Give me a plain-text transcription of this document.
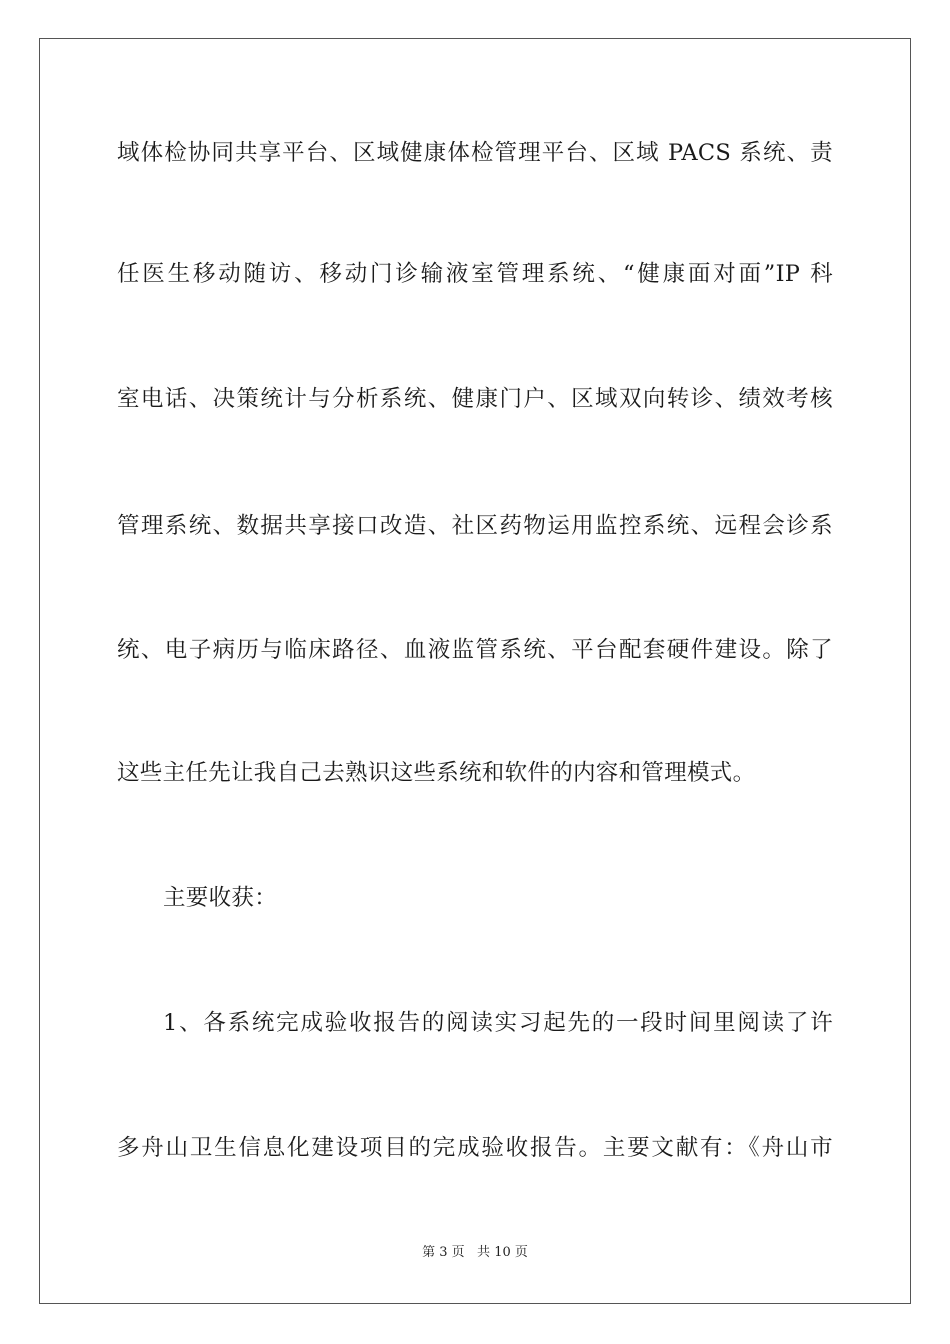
域体检协同共享平台、区域健康体检管理平台、区域 PACS 系统、责
任医生移动随访、移动门诊输液室管理系统、“健康面对面”IP 科
室电话、决策统计与分析系统、健康门户、区域双向转诊、绩效考核
管理系统、数据共享接口改造、社区药物运用监控系统、远程会诊系
统、电子病历与临床路径、血液监管系统、平台配套硬件建设。除了
这些主任先让我自己去熟识这些系统和软件的内容和管理模式。
主要收获：
1、各系统完成验收报告的阅读实习起先的一段时间里阅读了许
多舟山卫生信息化建设项目的完成验收报告。主要文献有：《舟山市
第 3 页   共 10 页
